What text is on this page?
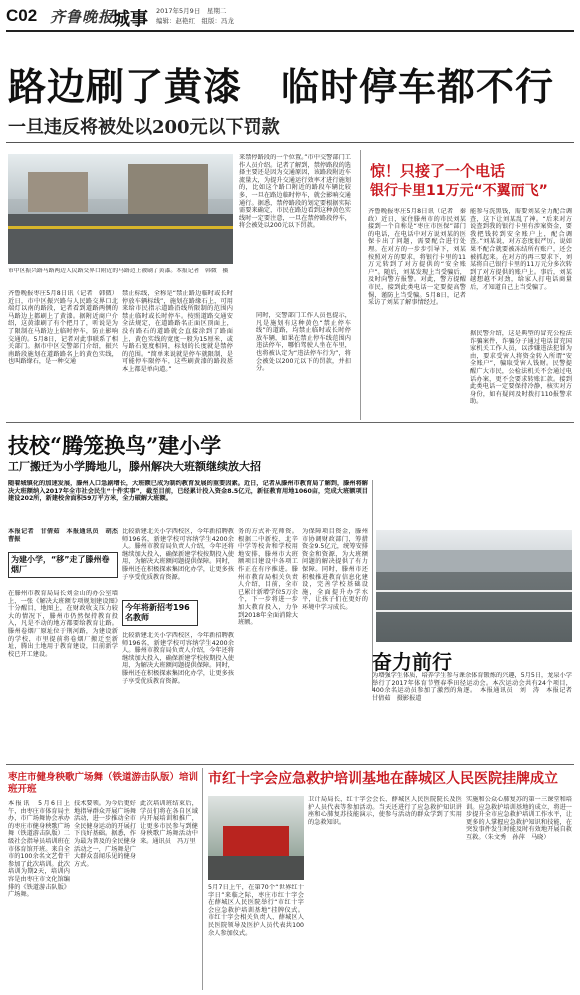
C02 齐鲁晚报
城事 2017年5月9日　星期二
编辑：赵艳红　组版：冯龙
路边刷了黄漆　临时停车都不行
一旦违反将被处以200元以下罚款
市中区振兴路马路两边人民路交界口附近的马路边上被刷了黄漆。本报记者　韩微　摄
齐鲁晚报枣庄5月8日讯（记者　韩微）近日，市中区振兴路与人民路交界口北端灯以南的路段，记者看到道路两侧的马路边上都刷上了黄漆。据附近商户介绍，这黄漆刷了有个把月了，听说是为了限制在马路边上临时停车，防止影响交通的。5月8日，记者对此事联系了相关部门。据市中区交警部门介绍，振兴南路段施划在道路路名上的黄色实线，也叫路缘石，是一种交通
禁止标线，全称是“禁止路边临时或长时停放车辆标线”，施划在路缘石上，可用来给市民指示道路沿线所限制的范围内禁止临时或长时停车。按照道路交通安全法规定，在道路路名正面区顶面上，没有路石的道路就会直接涂到了路面上，黄色实线的宽度一般为15厘米，或与路石宽度相同，标划的长度就是禁停的范围。“简单来说就是停车就限制，是可能停车限停车，这些刷黄漆的路段基本上都是单向道。”
来禁停路段的一个位置。”市中交警部门工作人员介绍。记者了解到，禁停路段的选择主要还是因为交通原因，该路段附近车流量大，为提升交通运行效率才进行施划的，比如这个路口附近的路段车辆比较多，一旦在路边临时停车，就会影响交通通行。据悉，禁停路段的划定要根据实际需要来确定，市民在路边看到这种黄色实线时一定要注意，一旦在禁停路段停车，将会被处以200元以下罚款。
同时，交警部门工作人员也提示，凡是施划有这种黄色“禁止停车线”的道路，均禁止临时或长时停放车辆，如果在禁止停车线范围内违法停车，哪怕驾驶人坐在车里，也将被认定为“违法停车行为”，将会被处以200元以下的罚款，并扣分。
惊！只接了一个电话
银行卡里11万元“不翼而飞”
齐鲁晚报枣庄5月8日讯（记者　秦政）近日，家住滕州市的市民刘某接到一个自称是“枣庄市医保”部门的电话，在电话中对方说刘某的医保卡出了问题，需要配合进行处理。在对方的一步步引导下，刘某按照对方的要求，将银行卡里的11万元转到了对方提供的“安全账户”。随后，刘某发现上当受骗后，及时向警方报警。对此，警方提醒市民，接到此类电话一定要提高警惕，谨防上当受骗。5月8日，记者采访了刘某了解事情经过。
能参与洗黑钱，需要刘某全力配合调查，这下让刘某乱了神。“后来对方说查到我的银行卡里有涉案资金，要我把钱转到安全账户上，配合调查。”刘某说，对方态度很严厉，说如果不配合就要被冻结所有账户，还会被抓起来。在对方的再三要求下，刘某将自己银行卡里的11万元分多次转到了对方提供的账户上。事后，刘某越想越不对劲，给家人打电话商量后，才知道自己上当受骗了。
据民警介绍，这是典型的冒充公检法诈骗案件，诈骗分子通过电话冒充国家机关工作人员，以涉嫌违法犯罪为由，要求受害人将资金转入所谓“安全账户”，骗取受害人钱财。民警提醒广大市民，公检法机关不会通过电话办案，更不会要求转账汇款。接到此类电话一定要保持冷静，核实对方身份，如有疑问及时拨打110报警求助。
技校“腾笼换鸟”建小学
工厂搬迁为小学腾地儿，滕州解决大班额继续放大招
随着城镇化的加速发展，滕州人口急剧增长，大班额已成为制约教育发展的重要因素。近日，记者从滕州市教育局了解到，滕州将解决大班额纳入2017年全市社会民生“十件实事”，截至目前，已经累计投入资金8.5亿元，新征教育用地1060亩，完成大班额项目建设202所，新建校舍面积59万平方米，全力破解大班额。
本报记者　甘倩茹　本报通讯员　胡杰　曹振
为建小学，“移”走了滕州卷烟厂
在滕州市教育局局长刘金山的办公室墙上，一张《解决大班额专项规划建设图》十分醒目，地图上，在财政收支压力较大的情况下，滕州市仍然保持教育投入，凡是不动的地方都要给教育让路。滕州卷烟厂原址位于荆河路，为建设新的学校，市里提前将卷烟厂搬迁至新址，腾出土地用于教育建设，目前新学校已开工建设。
比较新建北关小学西校区，今年新招聘教师196名，新建学校可容纳学生4200余人。滕州市教育局负责人介绍，今年还将继续加大投入，确保新建学校按期投入使用，为解决大班额问题提供保障。同时，滕州还在积极探索集团化办学，让更多孩子享受优质教育资源。
今年将新招考196名教师
比较新建北关小学西校区，今年新招聘教师196名，新建学校可容纳学生4200余人。滕州市教育局负责人介绍，今年还将继续加大投入，确保新建学校按期投入使用，为解决大班额问题提供保障。同时，滕州还在积极探索集团化办学，让更多孩子享受优质教育资源。
务的方式补充师资。根据二中新校、北辛中学等校舍和学校用地安排，滕州市大班额项目建设中各项工作正在有序推进。滕州市教育局相关负责人介绍，目前，全市已累计新增学位5万余个，下一步将进一步加大教育投入，力争到2018年全面消除大班额。
为保障项目资金，滕州市协调财政部门，筹措资金9.5亿元，统筹安排资金和资源，为大班额问题的解决提供了有力保障。同时，滕州市还积极推进教育信息化建设，完善学校基础设施，全面提升办学水平，让孩子们在更好的环境中学习成长。
奋力前行
为增强学生体质，培养学生参与课余体育锻炼的兴趣，5月5日，龙泉小学举行了2017年体育节暨春季田径运动会。本次运动会共有24个项目，400余名运动员参加了激烈的角逐。　本报通讯员　刘　涛　本报记者　甘倩茹　摄影报道
枣庄市健身秧歌广场舞（铁道游击队版）培训班开班
本报讯　5月6日上午，由枣庄市体育局主办，市广场舞协会承办的枣庄市健身秧歌广场舞（铁道游击队版）二级社会指导员培训班在市体育馆开班。来自全市的100余名文艺骨干参加了此次培训。此次培训为期2天，培训内容是由枣庄市文化馆编排的《铁道游击队版》广场舞。
技术要领。为今后更好地指导群众开展广场舞活动，进一步推动全市全民健身运动的开展打下良好基础。据悉，作为最为普及的全民健身活动之一，广场舞是广大群众喜闻乐见的健身方式。
此次培训班结束后，学员们将在各自区域内开展培训和推广，让更多市民参与到健身秧歌广场舞活动中来。通讯员　冯万里
市红十字会应急救护培训基地在薛城区人民医院挂牌成立
5月7日上午，在第70个“世界红十字日”来临之际，枣庄市红十字会在薛城区人民医院举行“市红十字会应急救护培训基地”挂牌仪式。市红十字会相关负责人、薛城区人民医院领导及医护人员代表共100余人参加仪式。
卫计局局长、红十字会会长、薛城区人民医院院长及医护人员代表等参加活动。当天还进行了应急救护知识讲座和心肺复苏技能演示，使参与活动的群众学到了实用的急救知识。
实施和公众心肺复苏的第一三课堂和培训。应急救护培训基地的成立，将进一步提升全市应急救护培训工作水平，让更多的人掌握应急救护知识和技能，在突发事件发生时能及时有效地开展自救互救。（朱文秀　孙萍　马晓）
